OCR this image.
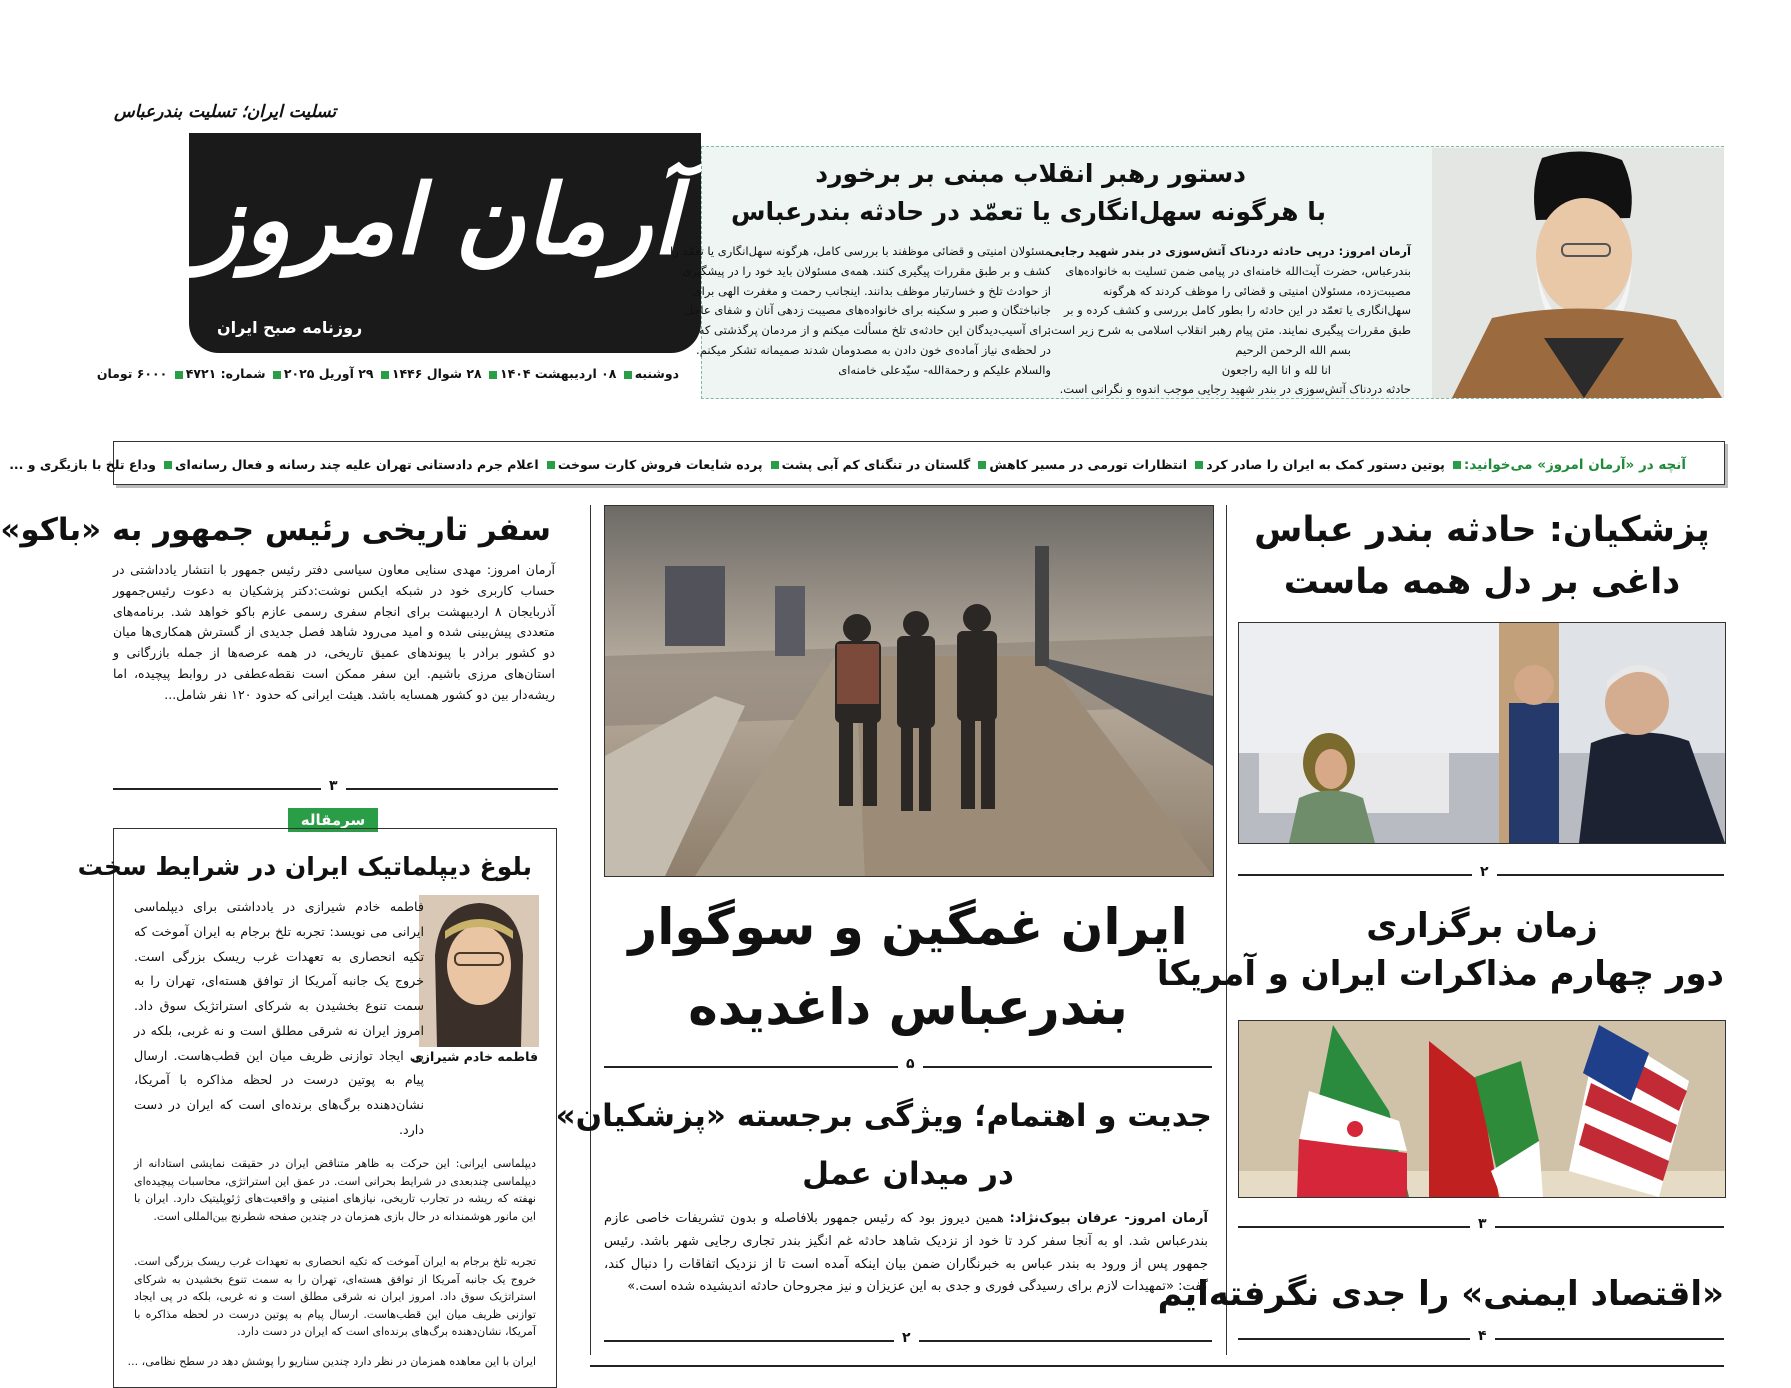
آرمان امروز
روزنامه صبح ایران
تسلیت ایران؛ تسلیت بندرعباس
دوشنبه ۰۸ اردیبهشت ۱۴۰۴ ۲۸ شوال ۱۴۴۶ ۲۹ آوریل ۲۰۲۵ شماره: ۴۷۲۱ ۶۰۰۰ تومان
دستور رهبر انقلاب مبنی بر برخورد
با هرگونه سهل‌انگاری یا تعمّد در حادثه بندرعباس
آرمان امروز: درپی حادثه دردناک آتش‌سوزی در بندر شهید رجایی
بندرعباس، حضرت آیت‌الله خامنه‌ای در پیامی ضمن تسلیت به خانواده‌های
مصیبت‌زده، مسئولان امنیتی و قضائی را موظف کردند که هرگونه
سهل‌انگاری یا تعمّد در این حادثه را بطور کامل بررسی و کشف کرده و بر
طبق مقررات پیگیری نمایند. متن پیام رهبر انقلاب اسلامی به شرح زیر است:
بسم الله الرحمن الرحیم
انا لله و انا الیه راجعون
حادثه دردناک آتش‌سوزی در بندر شهید رجایی موجب اندوه و نگرانی است.
مسئولان امنیتی و قضائی موظفند با بررسی کامل، هرگونه سهل‌انگاری یا تعمّد را
کشف و بر طبق مقررات پیگیری کنند. همه‌ی مسئولان باید خود را در پیشگیری
از حوادث تلخ و خسارتبار موظف بدانند. اینجانب رحمت و مغفرت الهی برای
جانباختگان و صبر و سکینه برای خانواده‌های مصیبت زدهی آنان و شفای عاجل
برای آسیب‌دیدگان این حادثه‌ی تلخ مسألت میکنم و از مردمان پرگذشتی که
در لحظه‌ی نیاز آماده‌ی خون دادن به مصدومان شدند صمیمانه تشکر میکنم.
والسلام علیکم و رحمةالله- سیّدعلی خامنه‌ای
آنچه در «آرمان امروز» می‌خوانید: پوتین دستور کمک به ایران را صادر کرد انتظارات تورمی در مسیر کاهش گلستان در تنگنای کم آبی پشت پرده شایعات فروش کارت سوخت اعلام جرم دادستانی تهران علیه چند رسانه و فعال رسانه‌ای وداع تلخ با بازیگری و ...
سفر تاریخی رئیس جمهور به «باکو»
آرمان امروز: مهدی سنایی معاون سیاسی دفتر رئیس جمهور با انتشار یادداشتی در حساب کاربری خود در شبکه ایکس نوشت:دکتر پزشکیان به دعوت رئیس‌جمهور آذربایجان ۸ اردیبهشت برای انجام سفری رسمی عازم باکو خواهد شد. برنامه‌های متعددی پیش‌بینی شده و امید می‌رود شاهد فصل جدیدی از گسترش همکاری‌ها میان دو کشور برادر با پیوندهای عمیق تاریخی، در همه عرصه‌ها از جمله بازرگانی و استان‌های مرزی باشیم. این سفر ممکن است نقطه‌عطفی در روابط پیچیده، اما ریشه‌دار بین دو کشور همسایه باشد. هیئت ایرانی که حدود ۱۲۰ نفر شامل...
۳
سرمقاله
بلوغ دیپلماتیک ایران در شرایط سخت
فاطمه خادم شیرازی
فاطمه خادم شیرازی در یادداشتی برای دیپلماسی ایرانی می نویسد: تجربه تلخ برجام به ایران آموخت که تکیه انحصاری به تعهدات غرب ریسک بزرگی است. خروج یک جانبه آمریکا از توافق هسته‌ای، تهران را به سمت تنوع بخشیدن به شرکای استراتژیک سوق داد. امروز ایران نه شرقی مطلق است و نه غربی، بلکه در پی ایجاد توازنی ظریف میان این قطب‌هاست. ارسال پیام به پوتین درست در لحظه مذاکره با آمریکا، نشان‌دهنده برگ‌های برنده‌ای است که ایران در دست دارد.
دیپلماسی ایرانی: این حرکت به ظاهر متناقض ایران در حقیقت نمایشی استادانه از دیپلماسی چندبعدی در شرایط بحرانی است. در عمق این استراتژی، محاسبات پیچیده‌ای نهفته که ریشه در تجارب تاریخی، نیازهای امنیتی و واقعیت‌های ژئوپلیتیک دارد. ایران با این مانور هوشمندانه در حال بازی همزمان در چندین صفحه شطرنج بین‌المللی است.
تجربه تلخ برجام به ایران آموخت که تکیه انحصاری به تعهدات غرب ریسک بزرگی است. خروج یک جانبه آمریکا از توافق هسته‌ای، تهران را به سمت تنوع بخشیدن به شرکای استراتژیک سوق داد. امروز ایران نه شرقی مطلق است و نه غربی، بلکه در پی ایجاد توازنی ظریف میان این قطب‌هاست. ارسال پیام به پوتین درست در لحظه مذاکره با آمریکا، نشان‌دهنده برگ‌های برنده‌ای است که ایران در دست دارد.
ایران با این معاهده همزمان در نظر دارد چندین سناریو را پوشش دهد در سطح نظامی، ...
ایران غمگین و سوگوار
بندرعباس داغدیده
۵
جدیت و اهتمام؛ ویژگی برجسته «پزشکیان»
در میدان عمل
آرمان امروز- عرفان بیوک‌نژاد: همین دیروز بود که رئیس جمهور بلافاصله و بدون تشریفات خاصی عازم بندرعباس شد. او به آنجا سفر کرد تا خود از نزدیک شاهد حادثه غم انگیز بندر تجاری رجایی شهر باشد. رئیس جمهور پس از ورود به بندر عباس به خبرنگاران ضمن بیان اینکه آمده است تا از نزدیک اتفاقات را دنبال کند، گفت: «تمهیدات لازم برای رسیدگی فوری و جدی به این عزیزان و نیز مجروحان حادثه اندیشیده شده است.»
۲
پزشکیان: حادثه بندر عباس
داغی بر دل همه ماست
۲
زمان برگزاری
دور چهارم مذاکرات ایران و آمریکا
۳
«اقتصاد ایمنی» را جدی نگرفته‌ایم
۴
